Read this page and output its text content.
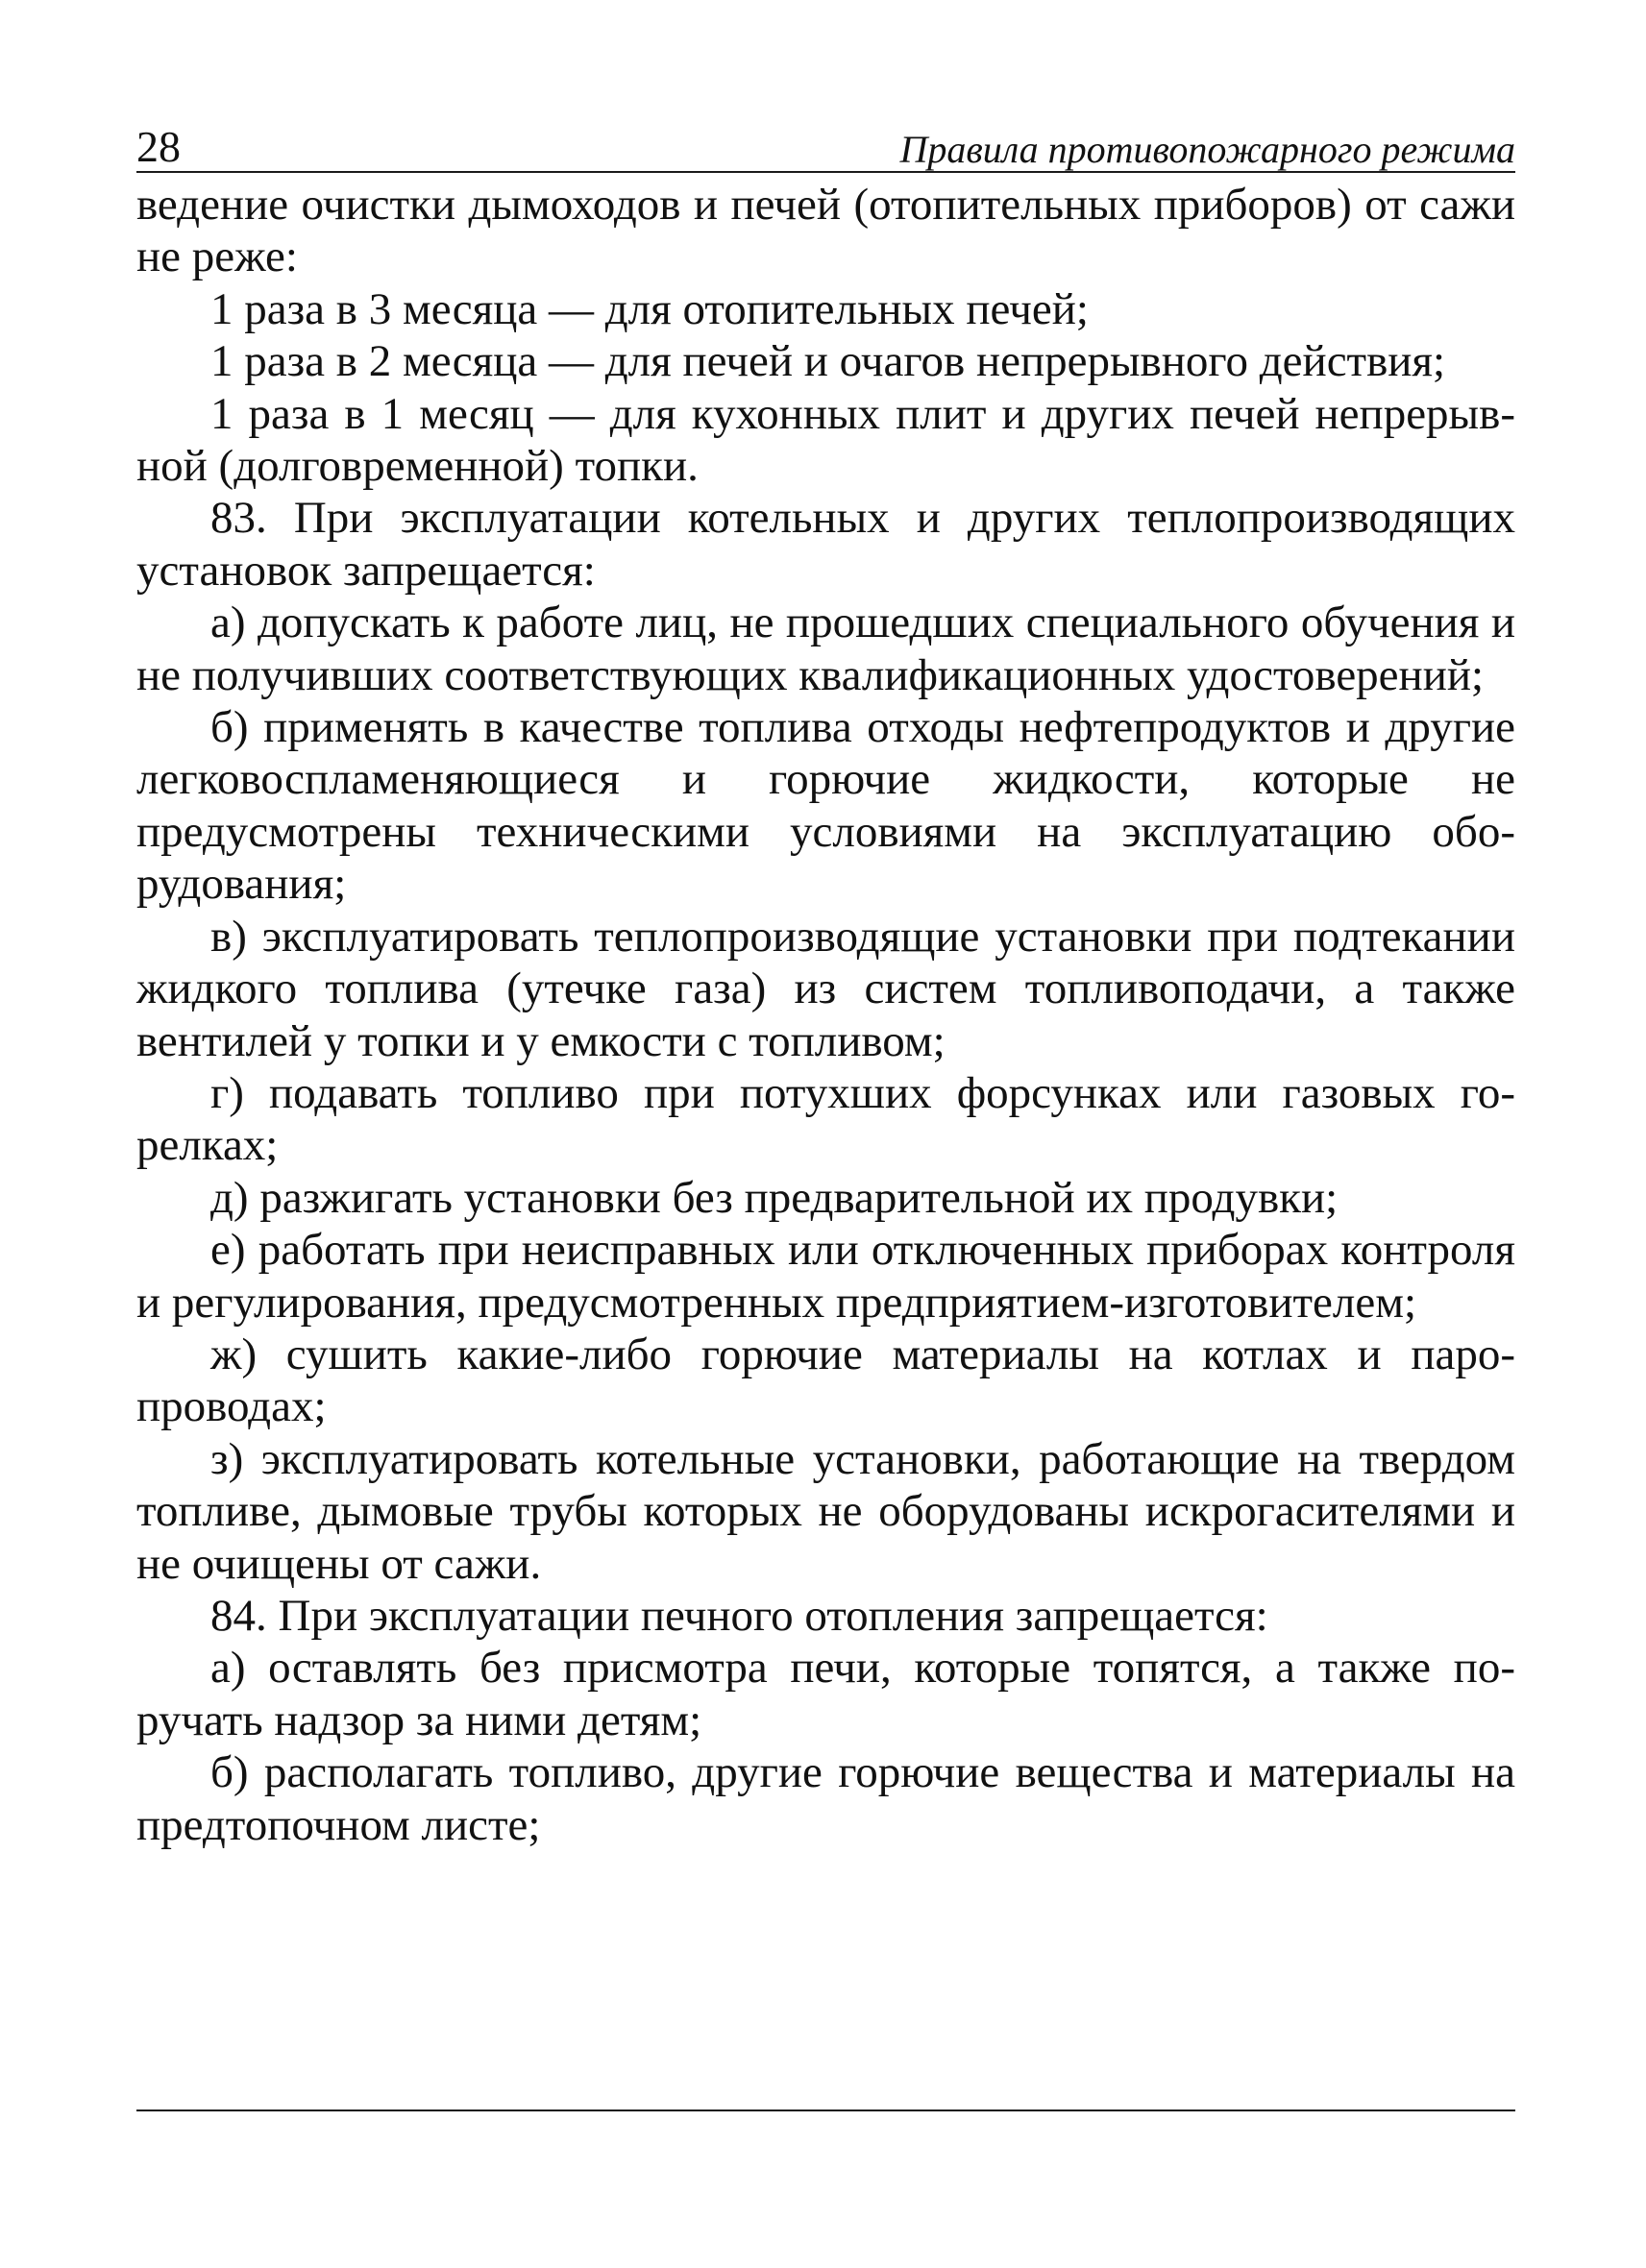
28	Правила противопожарного режима

ведение очистки дымоходов и печей (отопительных приборов) от сажи не реже:

1 раза в 3 месяца — для отопительных печей;

1 раза в 2 месяца — для печей и очагов непрерывного действия;

1 раза в 1 месяц — для кухонных плит и других печей непрерывной (долговременной) топки.

83. При эксплуатации котельных и других теплопроизводящих установок запрещается:

а) допускать к работе лиц, не прошедших специального обучения и не получивших соответствующих квалификационных удостоверений;

б) применять в качестве топлива отходы нефтепродуктов и другие легковоспламеняющиеся и горючие жидкости, которые не предусмотрены техническими условиями на эксплуатацию оборудования;

в) эксплуатировать теплопроизводящие установки при подтекании жидкого топлива (утечке газа) из систем топливоподачи, а также вентилей у топки и у емкости с топливом;

г) подавать топливо при потухших форсунках или газовых горелках;

д) разжигать установки без предварительной их продувки;

е) работать при неисправных или отключенных приборах контроля и регулирования, предусмотренных предприятием-изготовителем;

ж) сушить какие-либо горючие материалы на котлах и паропроводах;

з) эксплуатировать котельные установки, работающие на твердом топливе, дымовые трубы которых не оборудованы искрогасителями и не очищены от сажи.

84. При эксплуатации печного отопления запрещается:

а) оставлять без присмотра печи, которые топятся, а также поручать надзор за ними детям;

б) располагать топливо, другие горючие вещества и материалы на предтопочном листе;
